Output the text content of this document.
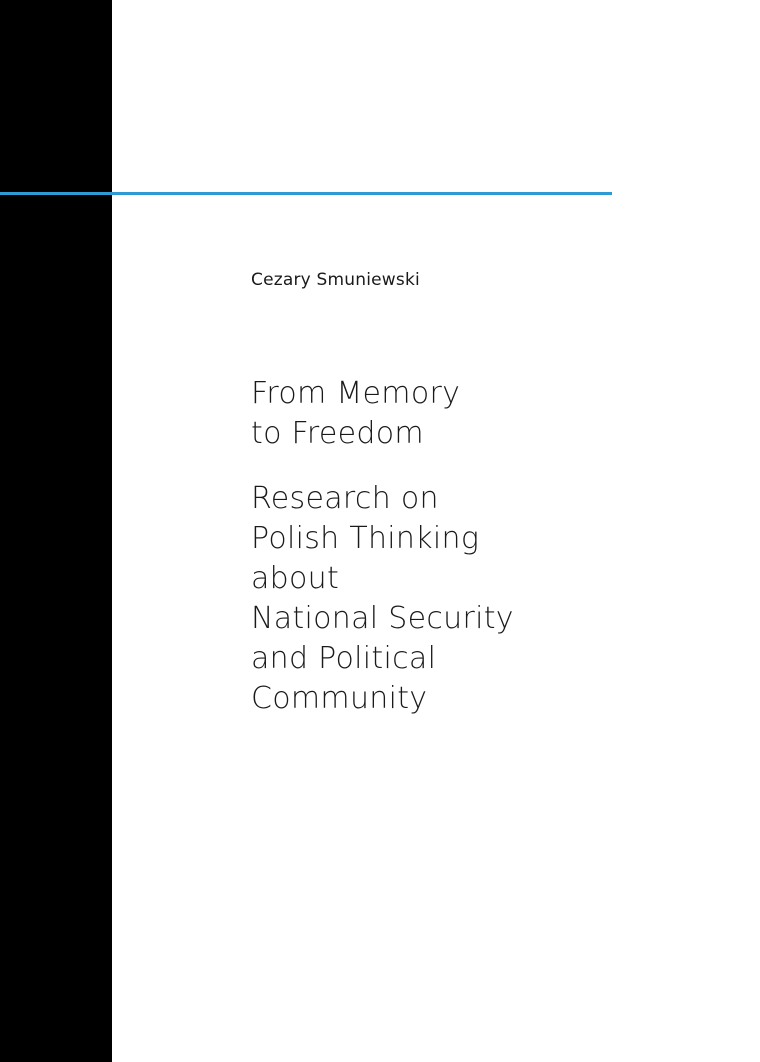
Cezary Smuniewski
From Memory
to Freedom
Research on
Polish Thinking
about
National Security
and Political
Community
